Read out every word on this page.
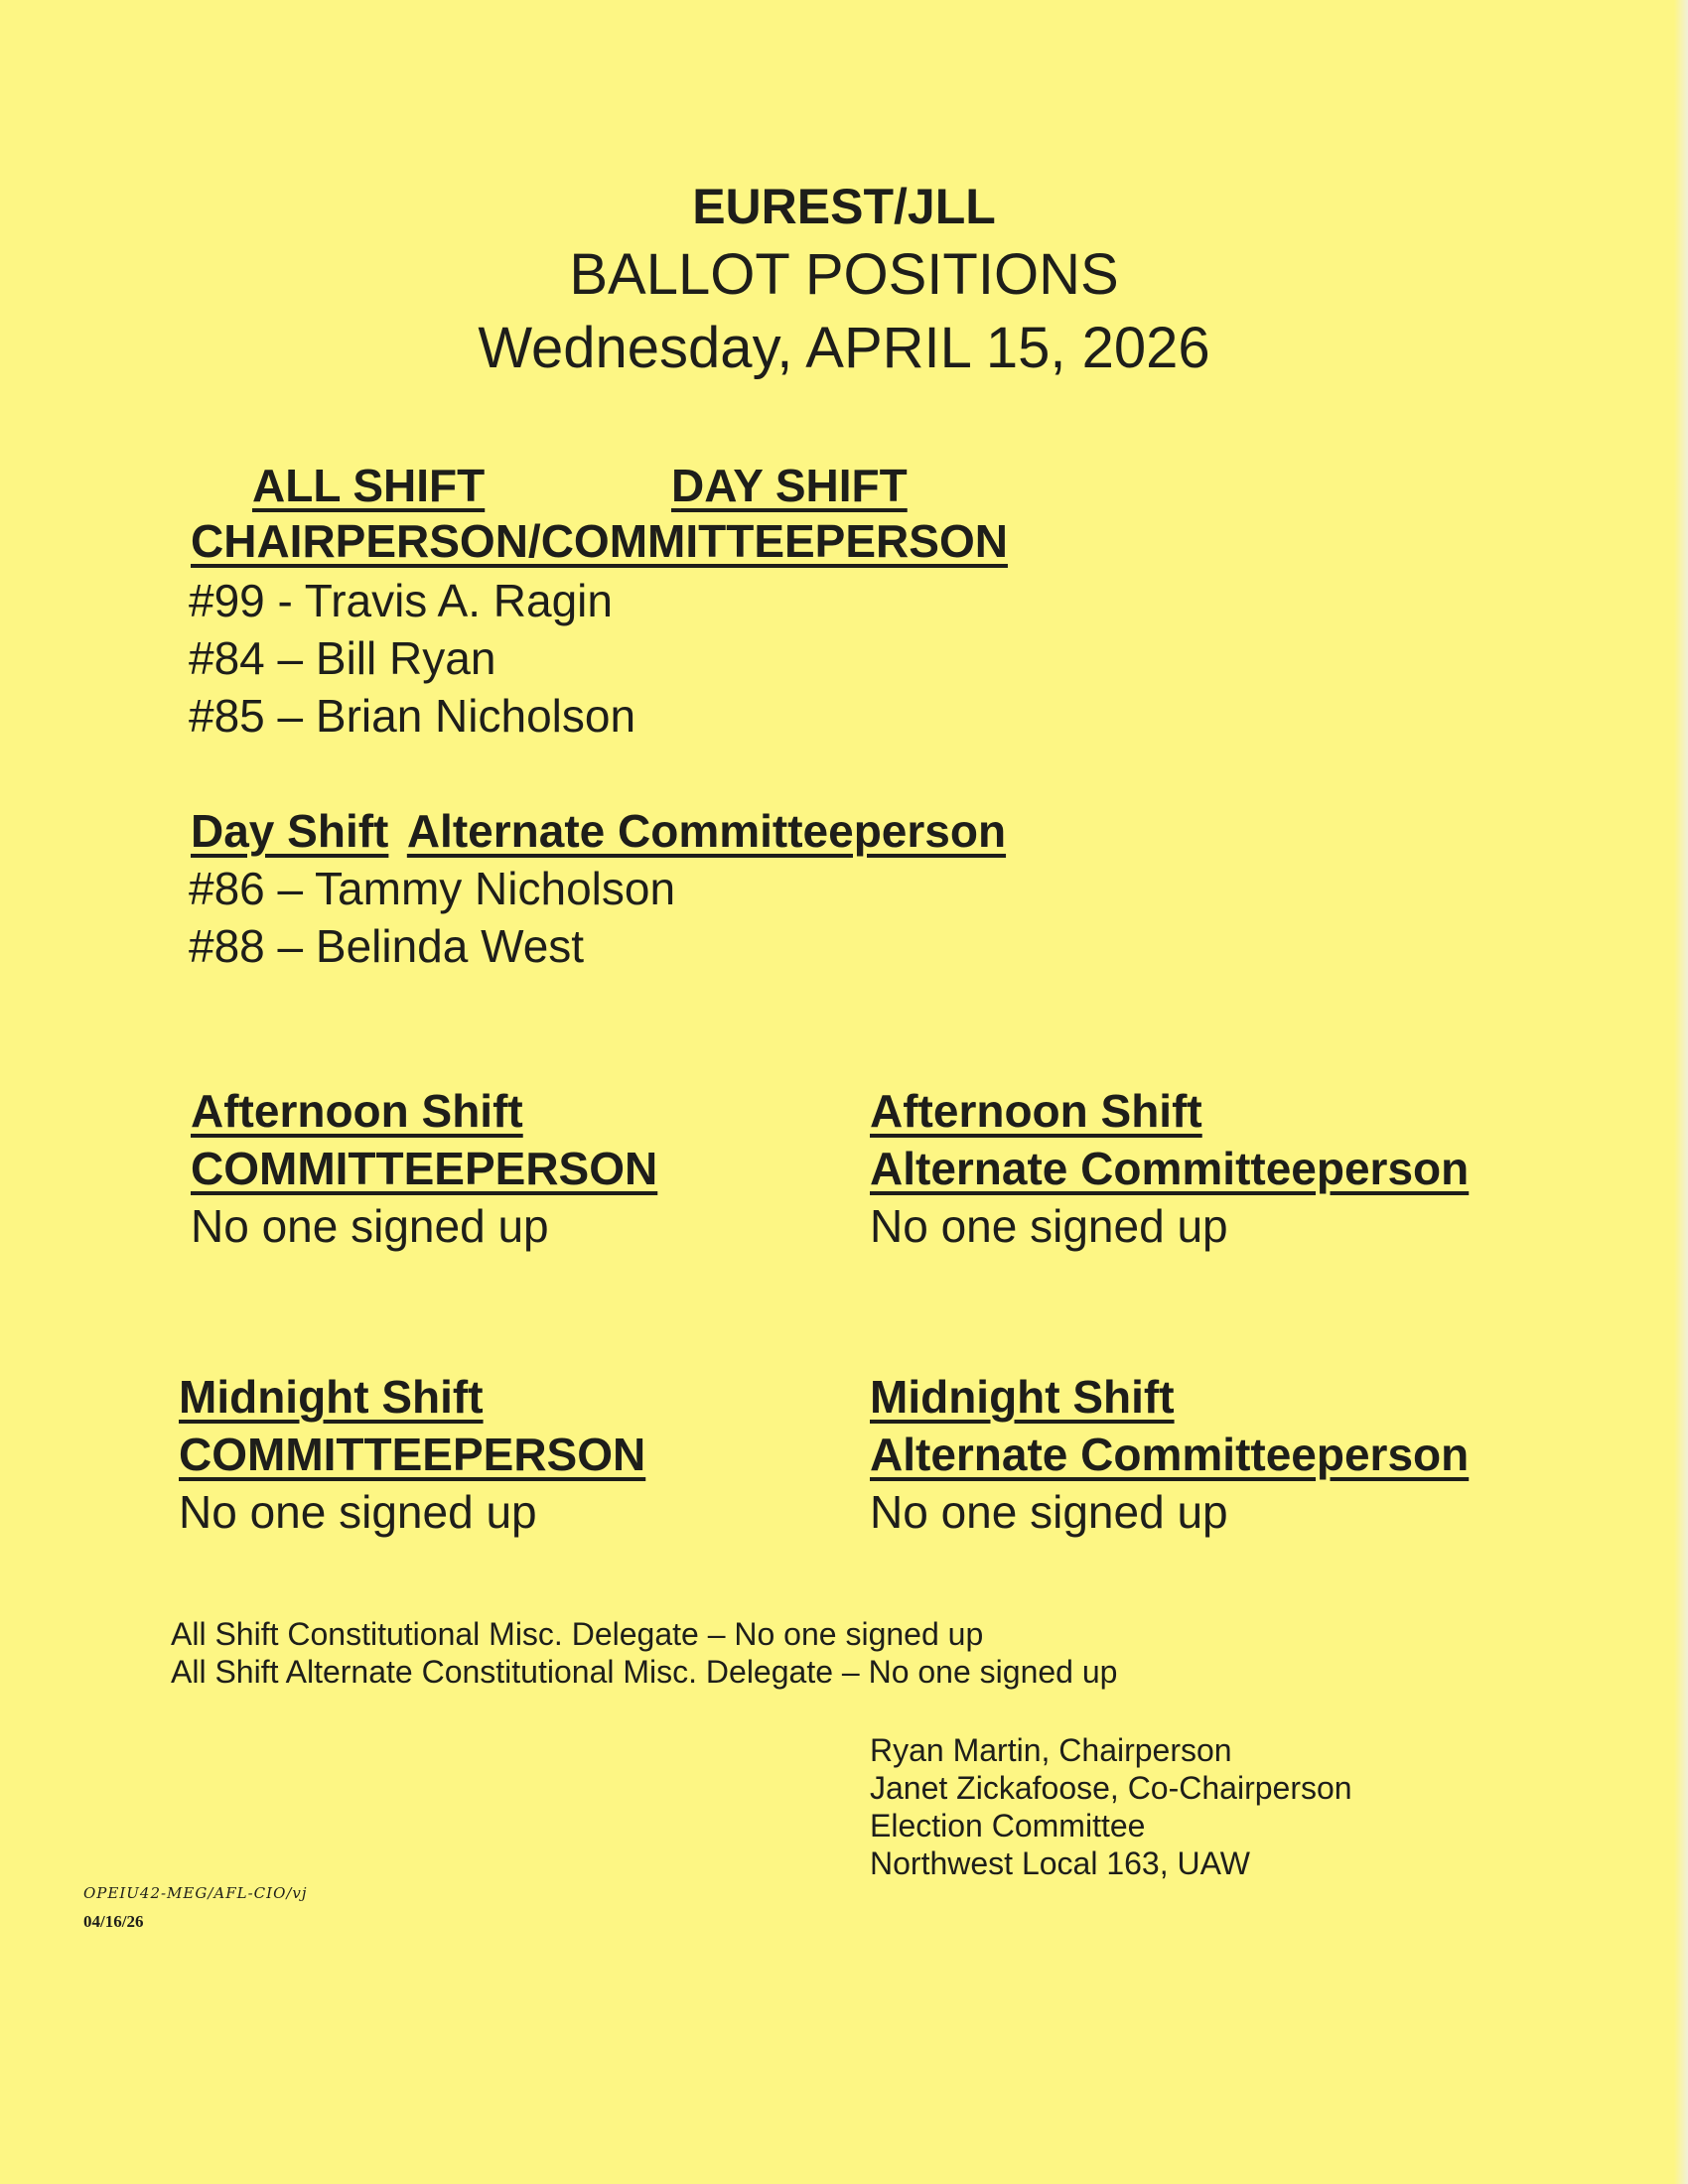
EUREST/JLL
BALLOT POSITIONS
Wednesday, APRIL 15, 2026
ALL SHIFT	DAY SHIFT
CHAIRPERSON/COMMITTEEPERSON
#99 - Travis A. Ragin
#84 – Bill Ryan
#85 – Brian Nicholson
Day Shift Alternate Committeeperson
#86 – Tammy Nicholson
#88 – Belinda West
Afternoon Shift
COMMITTEEPERSON
No one signed up
Afternoon Shift
Alternate Committeeperson
No one signed up
Midnight Shift
COMMITTEEPERSON
No one signed up
Midnight Shift
Alternate Committeeperson
No one signed up
All Shift Constitutional Misc. Delegate – No one signed up
All Shift Alternate Constitutional Misc. Delegate – No one signed up
Ryan Martin, Chairperson
Janet Zickafoose, Co-Chairperson
Election Committee
Northwest Local 163, UAW
OPEIU42-MEG/AFL-CIO/vj
04/16/26
